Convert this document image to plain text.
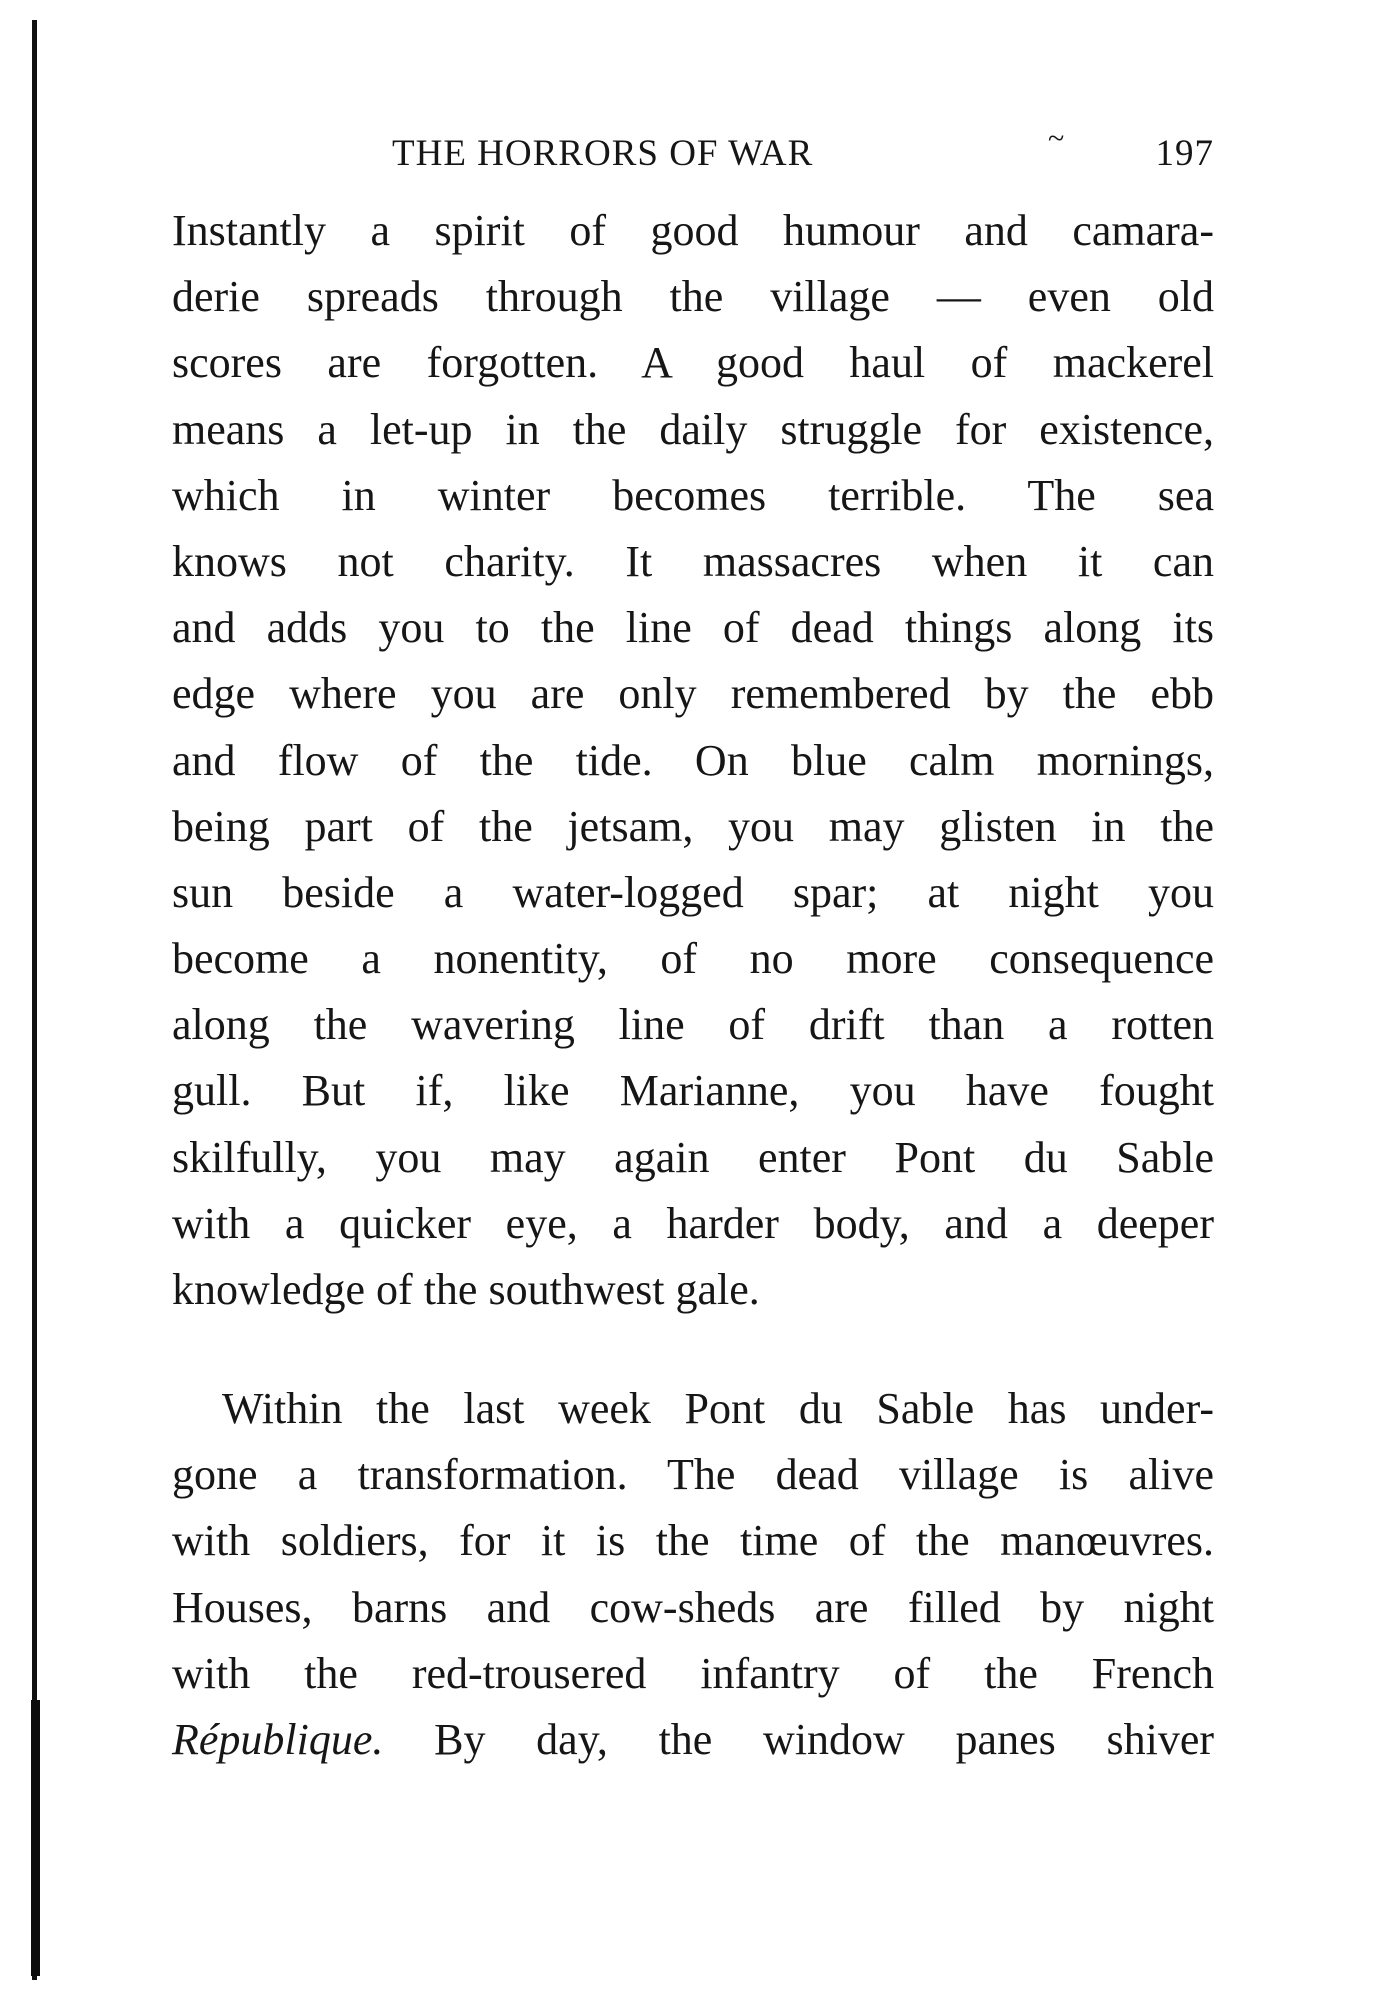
THE HORRORS OF WAR	~ 197
Instantly a spirit of good humour and camara-
derie spreads through the village — even old
scores are forgotten. A good haul of mackerel
means a let-up in the daily struggle for existence,
which in winter becomes terrible. The sea
knows not charity. It massacres when it can
and adds you to the line of dead things along its
edge where you are only remembered by the ebb
and flow of the tide. On blue calm mornings,
being part of the jetsam, you may glisten in the
sun beside a water-logged spar; at night you
become a nonentity, of no more consequence
along the wavering line of drift than a rotten
gull. But if, like Marianne, you have fought
skilfully, you may again enter Pont du Sable
with a quicker eye, a harder body, and a deeper
knowledge of the southwest gale.
Within the last week Pont du Sable has under-
gone a transformation. The dead village is alive
with soldiers, for it is the time of the manœuvres.
Houses, barns and cow-sheds are filled by night
with the red-trousered infantry of the French
République. By day, the window panes shiver
